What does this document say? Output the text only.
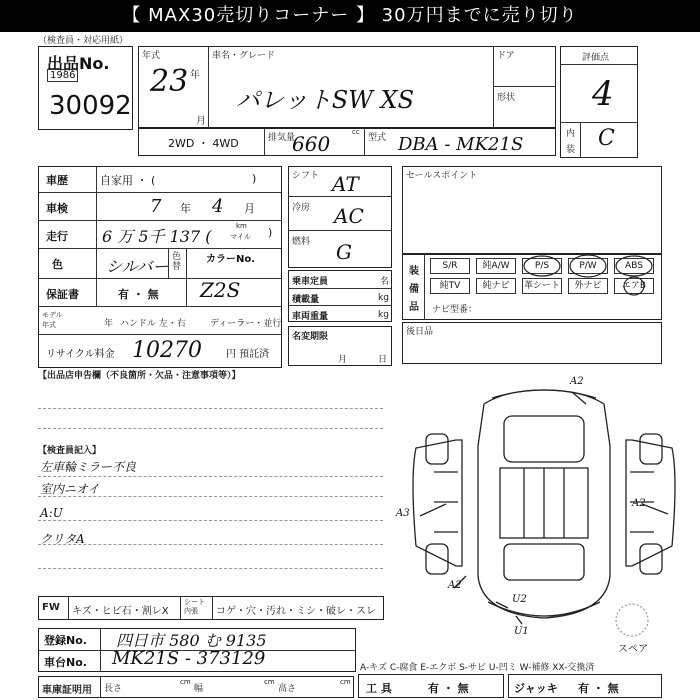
【 MAX30売切りコーナー 】 30万円までに売り切り
（検査員・対応用紙）
出品No.
1986
30092
年式
23 年
月
車名・グレード
パレットSW XS
ドア
形状
評価点
4
内
装 C
2WD ・ 4WD	排気量
660	cc
型式 DBA - MK21S
車歴	自家用 ・ (	)
車検	7 年 4 月
走行 6 万 5千 137 (
km
マイル )
色	シルバー 色替
カラーNo.
Z2S
保証書	有 ・ 無
モデル
年式	年 ハンドル 左・右	ディーラー・並行
リサイクル料金 10270 円 預託済
シフト AT
冷房 AC
燃料 G
乗車定員	名
積載量	kg
車両重量	kg
名変期限
月	日
セールスポイント
装
備
品
S/R	純A/W	P/S	P/W	ABS
純TV	純ナビ	革シート	外ナビ	エアB
ナビ型番：
後日品
【出品店申告欄（不良箇所・欠品・注意事項等）】
【検査員記入】
左車輪ミラー不良
室内ニオイ
A:U
クリタA
A2
A2
A3
A2
U2
U1
スペア
FW キズ・ヒビ石・割レX
シート 内張	コゲ・穴・汚れ・ミシ・破レ・スレ
登録No. 四日市 580 む 9135
車台No. MK21S - 373129
車庫証明用 長さ
cm
幅
cm
高さ
cm
A-キズ C-腐食 E-エクボ S-サビ U-凹ミ W-補修 XX-交換済
工 具	有 ・ 無	ジャッキ 有 ・ 無
